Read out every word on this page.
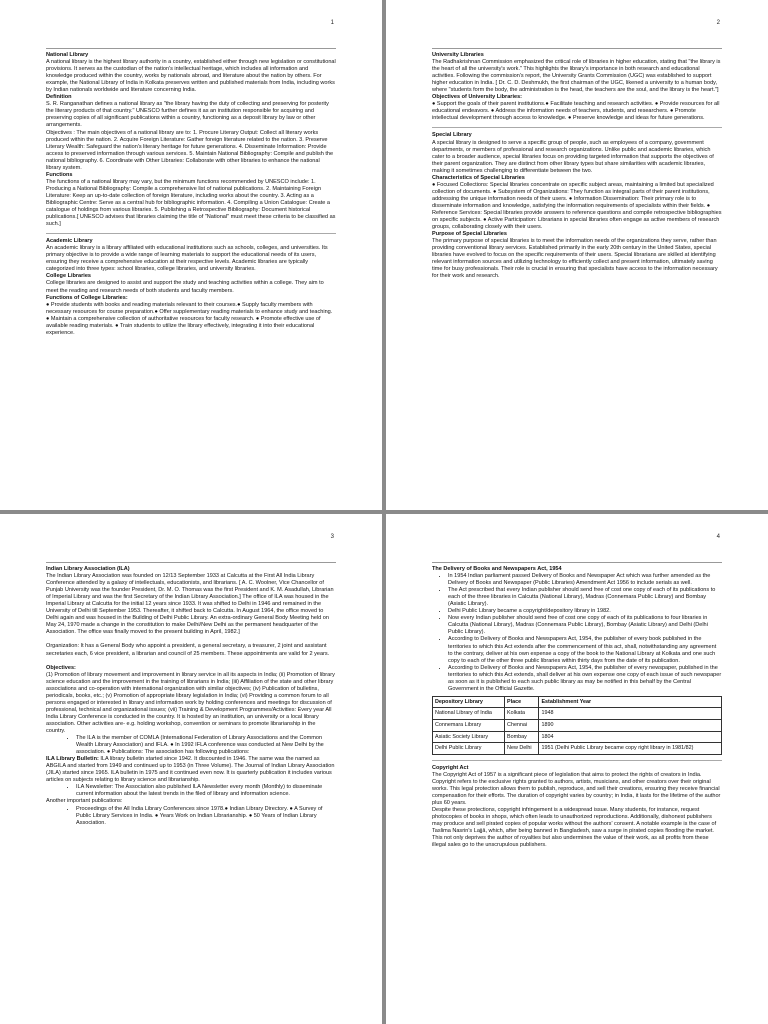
1

National Library

A national library is the highest library authority in a country, established either through new legislation or constitutional provisions. It serves as the custodian of the nation's intellectual heritage, which includes all information and knowledge produced within the country, works by nationals abroad, and literature about the nation by others. For example, the National Library of India in Kolkata preserves written and published materials from India, including works by Indian nationals worldwide and literature concerning India.

Definition

S. R. Ranganathan defines a national library as "the library having the duty of collecting and preserving for posterity the literary products of that country." UNESCO further defines it as an institution responsible for acquiring and preserving copies of all significant publications within a country, functioning as a deposit library by law or other arrangements.

Objectives : The main objectives of a national library are to: 1. Procure Literary Output: Collect all literary works produced within the nation. 2. Acquire Foreign Literature: Gather foreign literature related to the nation. 3. Preserve Literary Wealth: Safeguard the nation's literary heritage for future generations. 4. Disseminate Information: Provide access to preserved information through various services. 5. Maintain National Bibliography: Compile and publish the national bibliography. 6. Coordinate with Other Libraries: Collaborate with other libraries to enhance the national library system.

Functions

The functions of a national library may vary, but the minimum functions recommended by UNESCO include: 1. Producing a National Bibliography: Compile a comprehensive list of national publications. 2. Maintaining Foreign Literature: Keep an up-to-date collection of foreign literature, including works about the country. 3. Acting as a Bibliographic Centre: Serve as a central hub for bibliographic information. 4. Compiling a Union Catalogue: Create a catalogue of holdings from various libraries. 5. Publishing a Retrospective Bibliography: Document historical publications.[ UNESCO advises that libraries claiming the title of "National" must meet these criteria to be classified as such.]

Academic Library

An academic library is a library affiliated with educational institutions such as schools, colleges, and universities. Its primary objective is to provide a wide range of learning materials to support the educational needs of its users, ensuring they receive a comprehensive education at their respective levels. Academic libraries are typically categorized into three types: school libraries, college libraries, and university libraries.

College Libraries

College libraries are designed to assist and support the study and teaching activities within a college. They aim to meet the reading and research needs of both students and faculty members.

Functions of College Libraries:

● Provide students with books and reading materials relevant to their courses.● Supply faculty members with necessary resources for course preparation.● Offer supplementary reading materials to enhance study and teaching. ● Maintain a comprehensive collection of authoritative resources for faculty research. ● Promote effective use of available reading materials. ● Train students to utilize the library effectively, integrating it into their educational experience.

2

University Libraries

The Radhakrishnan Commission emphasized the critical role of libraries in higher education, stating that "the library is the heart of all the university's work." This highlights the library's importance in both research and educational activities. Following the commission's report, the University Grants Commission (UGC) was established to support higher education in India. [ Dr. C. D. Deshmukh, the first chairman of the UGC, likened a university to a human body, where "students form the body, the administration is the head, the teachers are the soul, and the library is the heart."]

Objectives of University Libraries:

● Support the goals of their parent institutions.● Facilitate teaching and research activities. ● Provide resources for all educational endeavors. ● Address the information needs of teachers, students, and researchers. ● Promote intellectual development through access to knowledge. ● Preserve knowledge and ideas for future generations.

Special Library

A special library is designed to serve a specific group of people, such as employees of a company, government departments, or members of professional and research organizations. Unlike public and academic libraries, which cater to a broader audience, special libraries focus on providing targeted information that supports the objectives of their parent organization. They are distinct from other library types but share similarities with academic libraries, making it sometimes challenging to differentiate between the two.

Characteristics of Special Libraries

● Focused Collections: Special libraries concentrate on specific subject areas, maintaining a limited but specialized collection of documents. ● Subsystem of Organizations: They function as integral parts of their parent institutions, addressing the unique information needs of their users. ● Information Dissemination: Their primary role is to disseminate information and knowledge, satisfying the information requirements of specialists within their fields. ● Reference Services: Special libraries provide answers to reference questions and compile retrospective bibliographies on specific subjects. ● Active Participation: Librarians in special libraries often engage as active members of research groups, collaborating closely with their users.

Purpose of Special Libraries

The primary purpose of special libraries is to meet the information needs of the organizations they serve, rather than providing conventional library services. Established primarily in the early 20th century in the United States, special libraries have evolved to focus on the specific requirements of their users. Special librarians are skilled at identifying relevant information sources and utilizing technology to efficiently collect and present information, ultimately saving time for busy professionals. Their role is crucial in ensuring that specialists have access to the information necessary for their work and research.

3

Indian Library Association (ILA)

The Indian Library Association was founded on 12/13 September 1933 at Calcutta at the First All India Library Conference attended by a galaxy of intellectuals, educationists, and librarians. [ A. C. Woolner, Vice Chancellor of Punjab University was the founder President, Dr. M. O. Thomas was the first President and K. M. Asadullah, Librarian of Imperial Library and was the first Secretary of the Indian Library Association.] The office of ILA was housed in the Imperial Library at Calcutta for the initial 12 years since 1933. It was shifted to Delhi in 1946 and remained in the University of Delhi till September 1953. Thereafter, it shifted back to Calcutta. In August 1964, the office moved to Delhi again and was housed in the Building of Delhi Public Library. An extra-ordinary General Body Meeting held on May 24, 1970 made a change in the constitution to make Delhi/New Delhi as the permanent headquarter of the Association. The office was finally moved to the present building in April, 1982.]

Organization: It has a General Body who appoint a president, a general secretary, a treasurer, 2 joint and assistant secretaries each, 6 vice president, a librarian and council of 25 members. These appointments are valid for 2 years.

Objectives:

(1) Promotion of library movement and improvement in library service in all its aspects in India; (ii) Promotion of library science education and the improvement in the training of librarians in India; (iii) Affiliation of the state and other library associations and co-operation with international organization with similar objectives; (iv) Publication of bulletins, periodicals, books, etc.; (v) Promotion of appropriate library legislation in India; (vi) Providing a common forum to all persons engaged or interested in library and information work by holding conferences and meetings for discussion of professional, technical and organizational issues; (vii) Training & Development Programmes/Activities: Every year All India Library Conference is conducted in the country. It is hosted by an institution, an university or a local library association. Other activities are- e.g. holding workshop, convention or seminars to promote librarianship in the country.

• The ILA is the member of COMLA (International Federation of Library Associations and the Common Wealth Library Association) and IFLA. ● In 1992 IFLA conference was conducted at New Delhi by the association. ● Publications: The association has following publications:

ILA Library Bulletin: ILA library bulletin started since 1942. It discounted in 1946. The same was the named as ABGILA and started from 1949 and continued up to 1953 (in Three Volume). The Journal of Indian Library Association (JILA) started since 1965. ILA bulletin in 1975 and it continued even now. It is quarterly publication it includes various articles on subjects relating to library science and librarianship.

• ILA Newsletter: The Association also published ILA Newsletter every month (Monthly) to disseminate current information about the latest trends in the filed of library and information science.

Another important publications:

• Proceedings of the All India Library Conferences since 1978.● Indian Library Directory. ● A Survey of Public Library Services in India. ● Years Work on Indian Librarianship. ● 50 Years of Indian Library Association.
4

The Delivery of Books and Newspapers Act, 1954

• In 1954 Indian parliament passed Delivery of Books and Newspaper Act which was further amended as the Delivery of Books and Newspaper (Public Libraries) Amendment Act 1956 to include serials as well.
• The Act prescribed that every Indian publisher should send free of cost one copy of each of its publications to each of the three libraries in Calcutta (National Library), Madras (Connemara Public Library) and Bombay (Asiatic Library).
• Delhi Public Library became a copyright/depository library in 1982.
• Now every Indian publisher should send free of cost one copy of each of its publications to four libraries in Calcutta (National Library), Madras (Connemara Public Library), Bombay (Asiatic Library) and Delhi (Delhi Public Library).
• According to Delivery of Books and Newspapers Act, 1954, the publisher of every book published in the territories to which this Act extends after the commencement of this act, shall, notwithstanding any agreement to the contrary, deliver at his own expense a copy of the book to the National Library at Kolkata and one such copy to each of the other three public libraries within thirty days from the date of its publication.
• According to Delivery of Books and Newspapers Act, 1954, the publisher of every newspaper, published in the territories to which this Act extends, shall deliver at his own expense one copy of each issue of such newspaper as soon as it is published to each such public library as may be notified in this behalf by the Central Government in the Official Gazette.
Depository Library	Place	Establishment Year
National Library of India	Kolkata	1948
Connemara Library	Chennai	1890
Asiatic Society Library	Bombay	1804
Delhi Public Library	New Delhi	1951 (Delhi Public Library became copy right library in 1981/82)

Copyright Act

The Copyright Act of 1957 is a significant piece of legislation that aims to protect the rights of creators in India. Copyright refers to the exclusive rights granted to authors, artists, musicians, and other creators over their original works. This legal protection allows them to publish, reproduce, and sell their creations, ensuring they receive financial compensation for their efforts. The duration of copyright varies by country; in India, it lasts for the lifetime of the author plus 60 years.

Despite these protections, copyright infringement is a widespread issue. Many students, for instance, request photocopies of books in shops, which often leads to unauthorized reproductions. Additionally, dishonest publishers may produce and sell pirated copies of popular works without the authors' consent. A notable example is the case of Taslima Nasrin's Lajjā, which, after being banned in Bangladesh, saw a surge in pirated copies flooding the market. This not only deprives the author of royalties but also undermines the value of their work, as all profits from these illegal sales go to the unscrupulous publishers.
